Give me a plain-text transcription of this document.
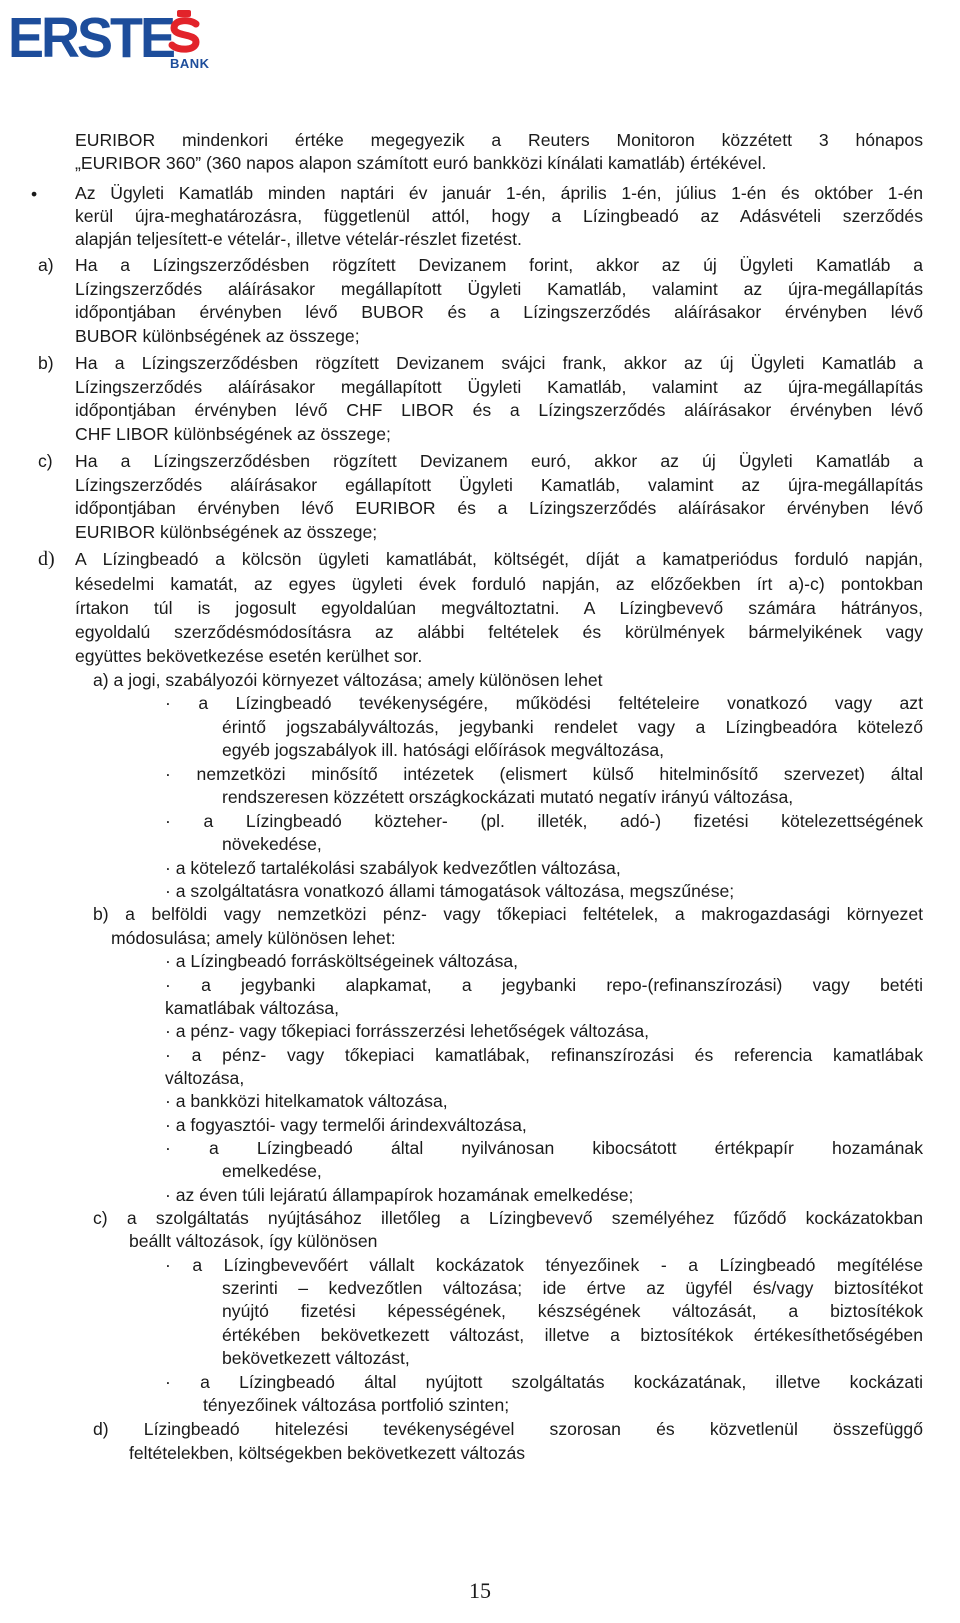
ERSTE
BANK
•
a)
b)
c)
d)
EURIBOR mindenkori értéke megegyezik a Reuters Monitoron közzétett 3 hónapos
„EURIBOR 360” (360 napos alapon számított euró bankközi kínálati kamatláb) értékével.
Az Ügyleti Kamatláb minden naptári év január 1-én, április 1-én, július 1-én és október 1-én
kerül újra-meghatározásra, függetlenül attól, hogy a Lízingbeadó az Adásvételi szerződés
alapján teljesített-e vételár-, illetve vételár-részlet fizetést.
Ha a Lízingszerződésben rögzített Devizanem forint, akkor az új Ügyleti Kamatláb a
Lízingszerződés aláírásakor megállapított Ügyleti Kamatláb, valamint az újra-megállapítás
időpontjában érvényben lévő BUBOR és a Lízingszerződés aláírásakor érvényben lévő
BUBOR különbségének az összege;
Ha a Lízingszerződésben rögzített Devizanem svájci frank, akkor az új Ügyleti Kamatláb a
Lízingszerződés aláírásakor megállapított Ügyleti Kamatláb, valamint az újra-megállapítás
időpontjában érvényben lévő CHF LIBOR és a Lízingszerződés aláírásakor érvényben lévő
CHF LIBOR különbségének az összege;
Ha a Lízingszerződésben rögzített Devizanem euró, akkor az új Ügyleti Kamatláb a
Lízingszerződés aláírásakor egállapított Ügyleti Kamatláb, valamint az újra-megállapítás
időpontjában érvényben lévő EURIBOR és a Lízingszerződés aláírásakor érvényben lévő
EURIBOR különbségének az összege;
A Lízingbeadó a kölcsön ügyleti kamatlábát, költségét, díját a kamatperiódus forduló napján,
késedelmi kamatát, az egyes ügyleti évek forduló napján, az előzőekben írt a)-c) pontokban
írtakon túl is jogosult egyoldalúan megváltoztatni. A Lízingbevevő számára hátrányos,
egyoldalú szerződésmódosításra az alábbi feltételek és körülmények bármelyikének vagy
együttes bekövetkezése esetén kerülhet sor.
a) a jogi, szabályozói környezet változása; amely különösen lehet
· a Lízingbeadó tevékenységére, működési feltételeire vonatkozó vagy azt
érintő jogszabályváltozás, jegybanki rendelet vagy a Lízingbeadóra kötelező
egyéb jogszabályok ill. hatósági előírások megváltozása,
· nemzetközi minősítő intézetek (elismert külső hitelminősítő szervezet) által
rendszeresen közzétett országkockázati mutató negatív irányú változása,
· a Lízingbeadó közteher- (pl. illeték, adó-) fizetési kötelezettségének
növekedése,
· a kötelező tartalékolási szabályok kedvezőtlen változása,
· a szolgáltatásra vonatkozó állami támogatások változása, megszűnése;
b) a belföldi vagy nemzetközi pénz- vagy tőkepiaci feltételek, a makrogazdasági környezet
módosulása; amely különösen lehet:
· a Lízingbeadó forrásköltségeinek változása,
· a jegybanki alapkamat, a jegybanki repo-(refinanszírozási) vagy betéti
kamatlábak változása,
· a pénz- vagy tőkepiaci forrásszerzési lehetőségek változása,
· a pénz- vagy tőkepiaci kamatlábak, refinanszírozási és referencia kamatlábak
változása,
· a bankközi hitelkamatok változása,
· a fogyasztói- vagy termelői árindexváltozása,
· a Lízingbeadó által nyilvánosan kibocsátott értékpapír hozamának
emelkedése,
· az éven túli lejáratú állampapírok hozamának emelkedése;
c) a szolgáltatás nyújtásához illetőleg a Lízingbevevő személyéhez fűződő kockázatokban
beállt változások, így különösen
· a Lízingbevevőért vállalt kockázatok tényezőinek - a Lízingbeadó megítélése
szerinti – kedvezőtlen változása; ide értve az ügyfél és/vagy biztosítékot
nyújtó fizetési képességének, készségének változását, a biztosítékok
értékében bekövetkezett változást, illetve a biztosítékok értékesíthetőségében
bekövetkezett változást,
· a Lízingbeadó által nyújtott szolgáltatás kockázatának, illetve kockázati
tényezőinek változása portfolió szinten;
d) Lízingbeadó hitelezési tevékenységével szorosan és közvetlenül összefüggő
feltételekben, költségekben bekövetkezett változás
15
